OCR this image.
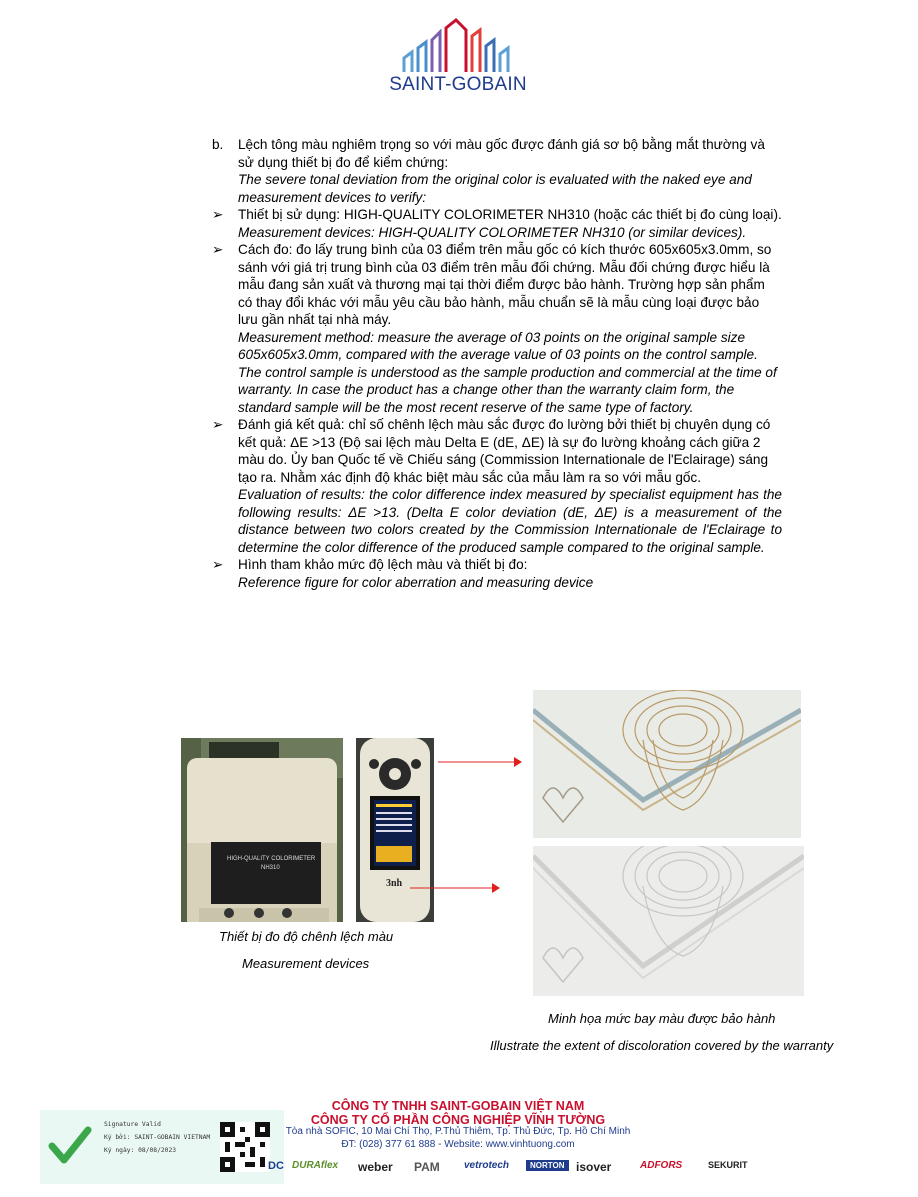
SAINT-GOBAIN
b. Lệch tông màu nghiêm trọng so với màu gốc được đánh giá sơ bộ bằng mắt thường và sử dụng thiết bị đo để kiểm chứng:

The severe tonal deviation from the original color is evaluated with the naked eye and measurement devices to verify:

➢ Thiết bị sử dụng: HIGH-QUALITY COLORIMETER NH310 (hoặc các thiết bị đo cùng loại).

Measurement devices: HIGH-QUALITY COLORIMETER NH310 (or similar devices).

➢ Cách đo: đo lấy trung bình của 03 điểm trên mẫu gốc có kích thước 605x605x3.0mm, so sánh với giá trị trung bình của 03 điểm trên mẫu đối chứng. Mẫu đối chứng được hiểu là mẫu đang sản xuất và thương mại tại thời điểm được bảo hành. Trường hợp sản phẩm có thay đổi khác với mẫu yêu cầu bảo hành, mẫu chuẩn sẽ là mẫu cùng loại được bảo lưu gần nhất tại nhà máy.

Measurement method: measure the average of 03 points on the original sample size 605x605x3.0mm, compared with the average value of 03 points on the control sample. The control sample is understood as the sample production and commercial at the time of warranty. In case the product has a change other than the warranty claim form, the standard sample will be the most recent reserve of the same type of factory.

➢ Đánh giá kết quả: chỉ số chênh lệch màu sắc được đo lường bởi thiết bị chuyên dụng có kết quả: ΔE >13 (Độ sai lệch màu Delta E (dE, ΔE) là sự đo lường khoảng cách giữa 2 màu do. Ủy ban Quốc tế về Chiếu sáng (Commission Internationale de l'Eclairage) sáng tạo ra. Nhằm xác định độ khác biệt màu sắc của mẫu làm ra so với mẫu gốc.

Evaluation of results: the color difference index measured by specialist equipment has the following results: ΔE >13. (Delta E color deviation (dE, ΔE) is a measurement of the distance between two colors created by the Commission Internationale de l'Eclairage to determine the color difference of the produced sample compared to the original sample.

➢ Hình tham khảo mức độ lệch màu và thiết bị đo:

Reference figure for color aberration and measuring device

HIGH-QUALITY COLORIMETER
NH310
3nh
Thiết bị đo độ chênh lệch màu
Measurement devices
Minh họa mức bay màu được bảo hành
Illustrate the extent of discoloration covered by the warranty
Signature Valid
Ký bởi: SAINT-GOBAIN VIETNAM
Ký ngày: 08/08/2023
CÔNG TY TNHH SAINT-GOBAIN VIỆT NAM
CÔNG TY CỔ PHẦN CÔNG NGHIỆP VĨNH TƯỜNG
Tòa nhà SOFIC, 10 Mai Chí Thọ, P.Thủ Thiêm, Tp. Thủ Đức, Tp. Hồ Chí Minh
ĐT: (028) 377 61 888 - Website: www.vinhtuong.com
DC DURAflex weber PAM vetrotech	NORTON isover	ADFORS	SEKURIT
